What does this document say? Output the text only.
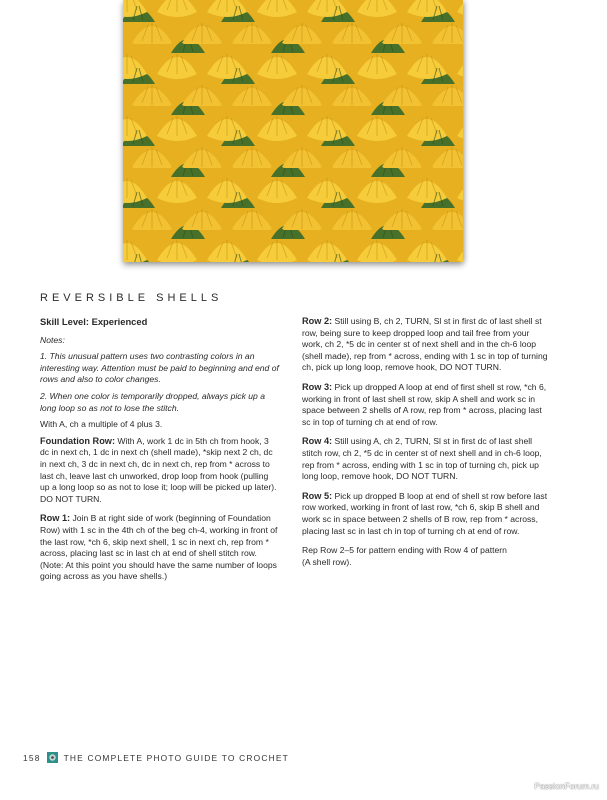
REVERSIBLE SHELLS

Skill Level: Experienced

Notes:

1. This unusual pattern uses two contrasting colors in an interesting way. Attention must be paid to beginning and end of rows and also to color changes.

2. When one color is temporarily dropped, always pick up a long loop so as not to lose the stitch.

With A, ch a multiple of 4 plus 3.

Foundation Row: With A, work 1 dc in 5th ch from hook, 3 dc in next ch, 1 dc in next ch (shell made), *skip next 2 ch, dc in next ch, 3 dc in next ch, dc in next ch, rep from * across to last ch, leave last ch unworked, drop loop from hook (pulling up a long loop so as not to lose it; loop will be picked up later). DO NOT TURN.

Row 1: Join B at right side of work (beginning of Foundation Row) with 1 sc in the 4th ch of the beg ch-4, working in front of the last row, *ch 6, skip next shell, 1 sc in next ch, rep from * across, placing last sc in last ch at end of shell stitch row. (Note: At this point you should have the same number of loops going across as you have shells.)

Row 2: Still using B, ch 2, TURN, Sl st in first dc of last shell st row, being sure to keep dropped loop and tail free from your work, ch 2, *5 dc in center st of next shell and in the ch-6 loop (shell made), rep from * across, ending with 1 sc in top of turning ch, pick up long loop, remove hook, DO NOT TURN.

Row 3: Pick up dropped A loop at end of first shell st row, *ch 6, working in front of last shell st row, skip A shell and work sc in space between 2 shells of A row, rep from * across, placing last sc in top of turning ch at end of row.

Row 4: Still using A, ch 2, TURN, Sl st in first dc of last shell stitch row, ch 2, *5 dc in center st of next shell and in ch-6 loop, rep from * across, ending with 1 sc in top of turning ch, pick up long loop, remove hook, DO NOT TURN.

Row 5: Pick up dropped B loop at end of shell st row before last row worked, working in front of last row, *ch 6, skip B shell and work sc in space between 2 shells of B row, rep from * across, placing last sc in last ch in top of turning ch at end of row.

Rep Row 2–5 for pattern ending with Row 4 of pattern
(A shell row).

158	THE COMPLETE PHOTO GUIDE TO CROCHET
PassionForum.ru
